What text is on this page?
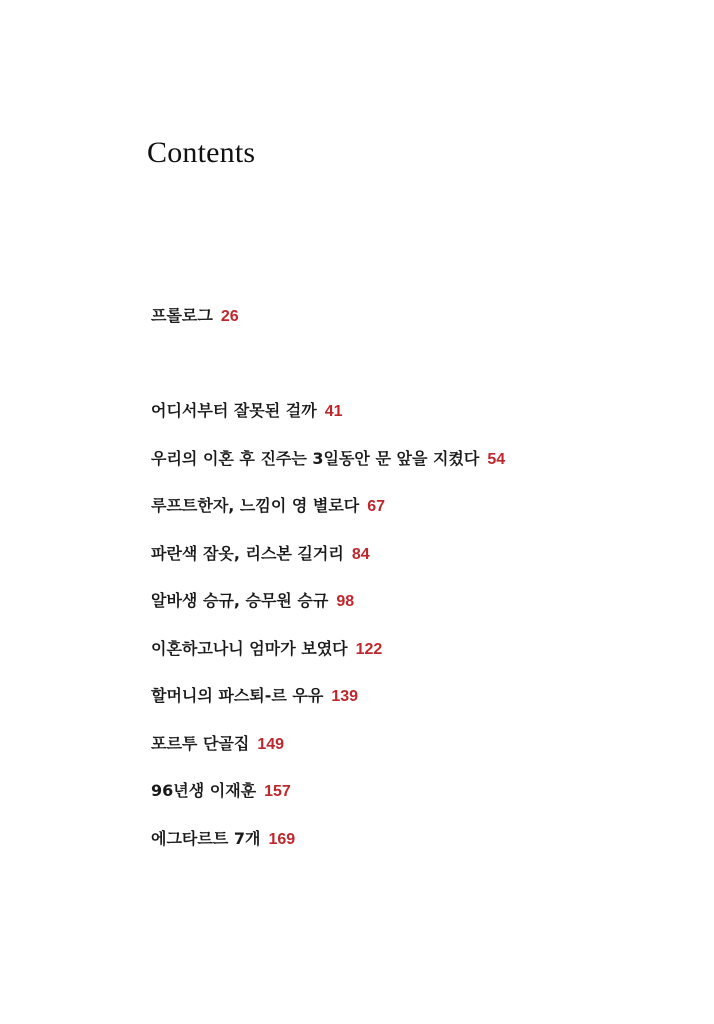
Contents
프롤로그 26
어디서부터 잘못된 걸까 41
우리의 이혼 후 진주는 3일동안 문 앞을 지켰다 54
루프트한자, 느낌이 영 별로다 67
파란색 잠옷, 리스본 길거리 84
알바생 승규, 승무원 승규 98
이혼하고나니 엄마가 보였다 122
할머니의 파스퇴-르 우유 139
포르투 단골집 149
96년생 이재훈 157
에그타르트 7개 169
